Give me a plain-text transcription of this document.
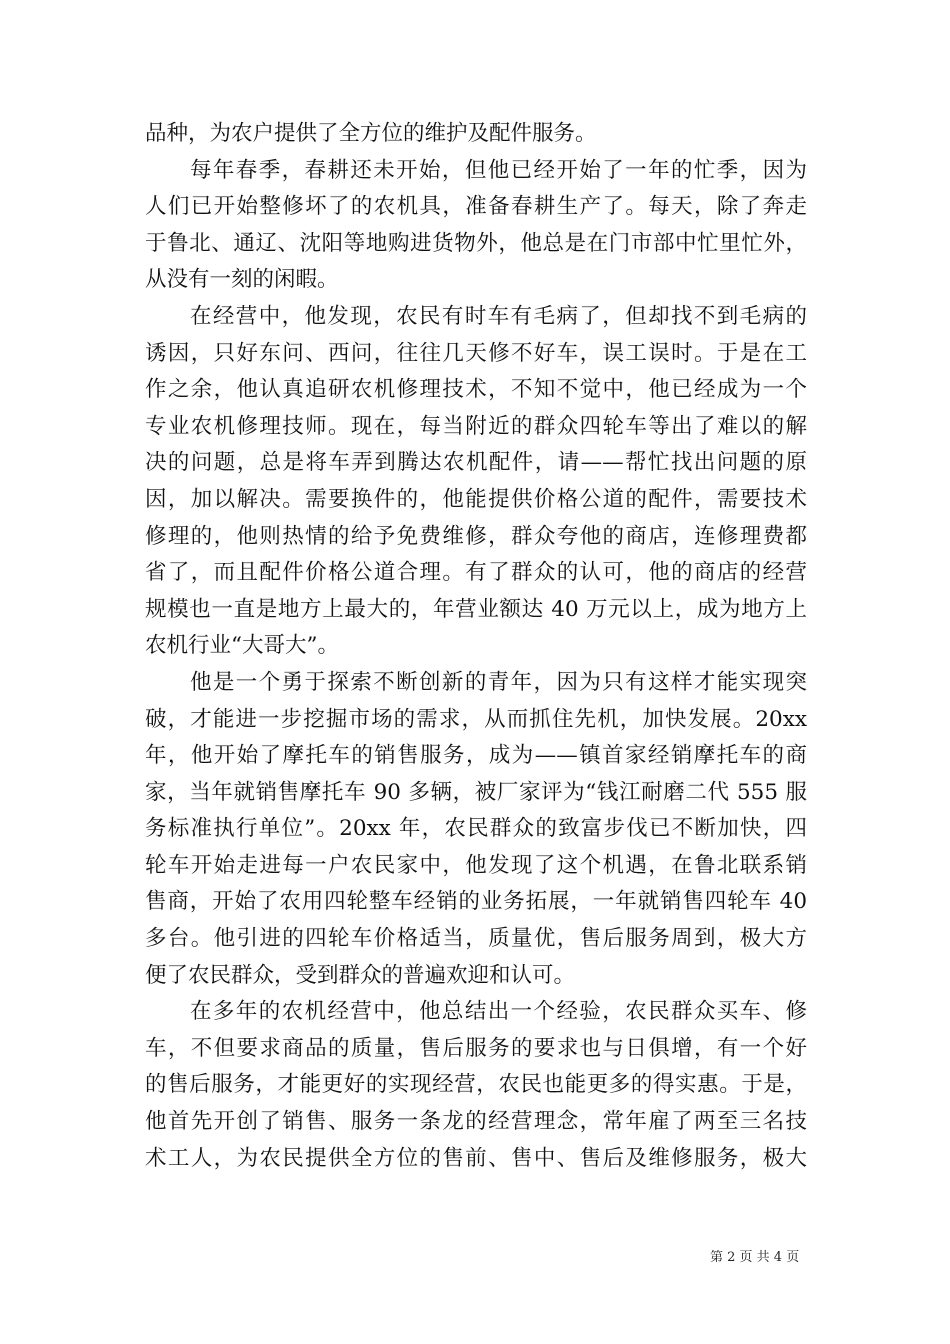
品种，为农户提供了全方位的维护及配件服务。
每年春季，春耕还未开始，但他已经开始了一年的忙季，因为
人们已开始整修坏了的农机具，准备春耕生产了。每天，除了奔走
于鲁北、通辽、沈阳等地购进货物外，他总是在门市部中忙里忙外，
从没有一刻的闲暇。
在经营中，他发现，农民有时车有毛病了，但却找不到毛病的
诱因，只好东问、西问，往往几天修不好车，误工误时。于是在工
作之余，他认真追研农机修理技术，不知不觉中，他已经成为一个
专业农机修理技师。现在，每当附近的群众四轮车等出了难以的解
决的问题，总是将车弄到腾达农机配件，请——帮忙找出问题的原
因，加以解决。需要换件的，他能提供价格公道的配件，需要技术
修理的，他则热情的给予免费维修，群众夸他的商店，连修理费都
省了，而且配件价格公道合理。有了群众的认可，他的商店的经营
规模也一直是地方上最大的，年营业额达 40 万元以上，成为地方上
农机行业“大哥大”。
他是一个勇于探索不断创新的青年，因为只有这样才能实现突
破，才能进一步挖掘市场的需求，从而抓住先机，加快发展。20xx
年，他开始了摩托车的销售服务，成为——镇首家经销摩托车的商
家，当年就销售摩托车 90 多辆，被厂家评为“钱江耐磨二代 555 服
务标准执行单位”。20xx 年，农民群众的致富步伐已不断加快，四
轮车开始走进每一户农民家中，他发现了这个机遇，在鲁北联系销
售商，开始了农用四轮整车经销的业务拓展，一年就销售四轮车 40
多台。他引进的四轮车价格适当，质量优，售后服务周到，极大方
便了农民群众，受到群众的普遍欢迎和认可。
在多年的农机经营中，他总结出一个经验，农民群众买车、修
车，不但要求商品的质量，售后服务的要求也与日俱增，有一个好
的售后服务，才能更好的实现经营，农民也能更多的得实惠。于是，
他首先开创了销售、服务一条龙的经营理念，常年雇了两至三名技
术工人，为农民提供全方位的售前、售中、售后及维修服务，极大
第 2 页 共 4 页
